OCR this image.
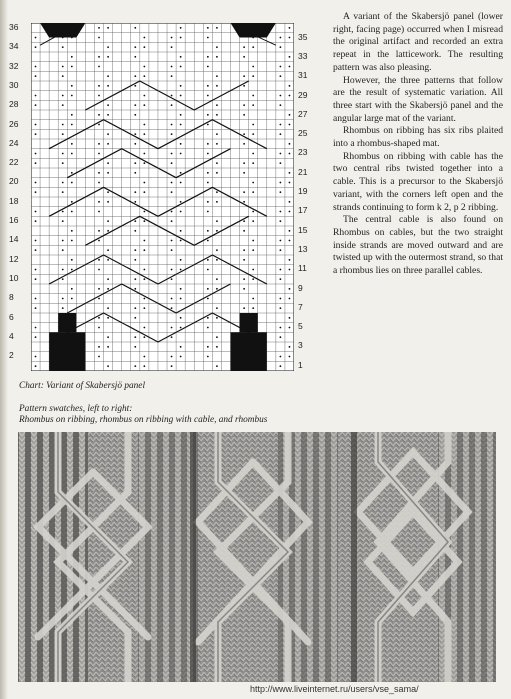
36
34
32
30
28
26
24
22
20
18
16
14
12
10
8
6
4
2
35
33
31
29
27
25
23
21
19
17
15
13
11
9
7
5
3
1

A variant of the Skabersjö panel (lower right, facing page) occurred when I misread the original artifact and recorded an extra repeat in the latticework. The resulting pattern was also pleasing.

However, the three patterns that follow are the result of systematic variation. All three start with the Skabersjö panel and the angular large mat of the variant.

Rhombus on ribbing has six ribs plaited into a rhombus-shaped mat.

Rhombus on ribbing with cable has the two central ribs twisted together into a cable. This is a precursor to the Skabersjö variant, with the corners left open and the strands continuing to form k 2, p 2 ribbing.

The central cable is also found on Rhombus on cables, but the two straight inside strands are moved outward and are twisted up with the outermost strand, so that a rhombus lies on three parallel cables.

Chart: Variant of Skabersjö panel
Pattern swatches, left to right:
Rhombus on ribbing, rhombus on ribbing with cable, and rhombus
http://www.liveinternet.ru/users/vse_sama/
